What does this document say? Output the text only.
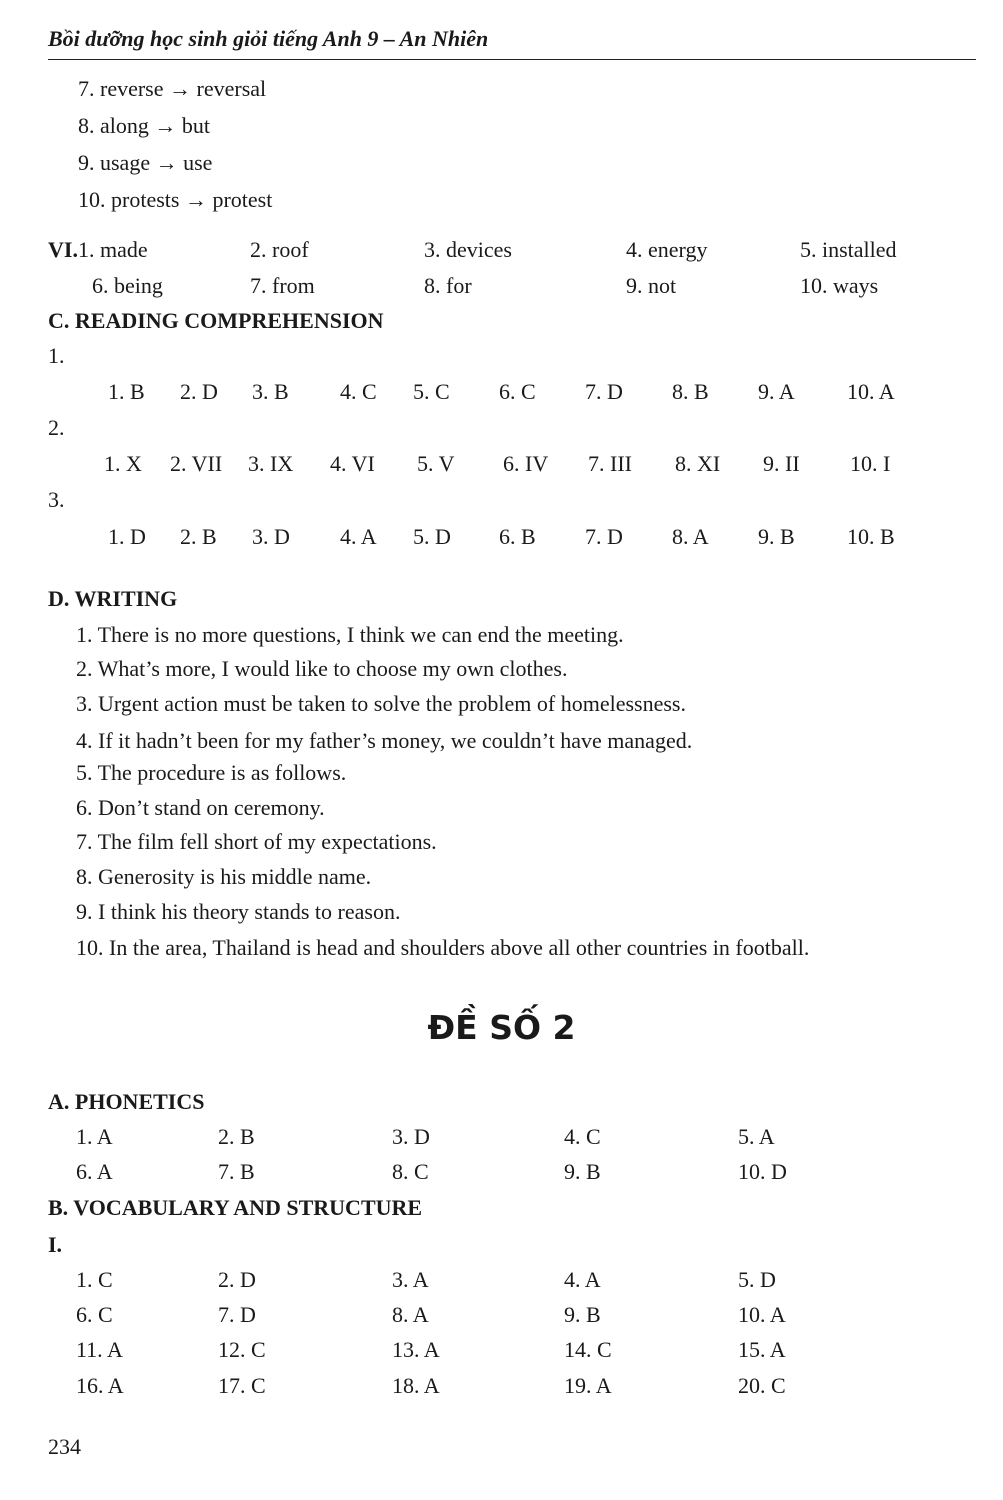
Bồi dưỡng học sinh giỏi tiếng Anh 9 – An Nhiên
7. reverse → reversal
8. along → but
9. usage → use
10. protests → protest
VI. 1. made	2. roof	3. devices	4. energy	5. installed
6. being	7. from	8. for	9. not	10. ways
C. READING COMPREHENSION
1.
1. B 2. D 3. B 4. C 5. C 6. C 7. D 8. B 9. A 10. A
2.
1. X 2. VII 3. IX 4. VI 5. V 6. IV 7. III 8. XI 9. II 10. I
3.
1. D 2. B 3. D 4. A 5. D 6. B 7. D 8. A 9. B 10. B
D. WRITING
1. There is no more questions, I think we can end the meeting.
2. What’s more, I would like to choose my own clothes.
3. Urgent action must be taken to solve the problem of homelessness.
4. If it hadn’t been for my father’s money, we couldn’t have managed.
5. The procedure is as follows.
6. Don’t stand on ceremony.
7. The film fell short of my expectations.
8. Generosity is his middle name.
9. I think his theory stands to reason.
10. In the area, Thailand is head and shoulders above all other countries in football.
A. PHONETICS
1. A	2. B	3. D	4. C	5. A
6. A	7. B	8. C	9. B	10. D
B. VOCABULARY AND STRUCTURE
I.
1. C	2. D	3. A	4. A	5. D
6. C	7. D	8. A	9. B	10. A
11. A	12. C	13. A	14. C	15. A
16. A	17. C	18. A	19. A	20. C
ĐỀ SỐ 2
234
